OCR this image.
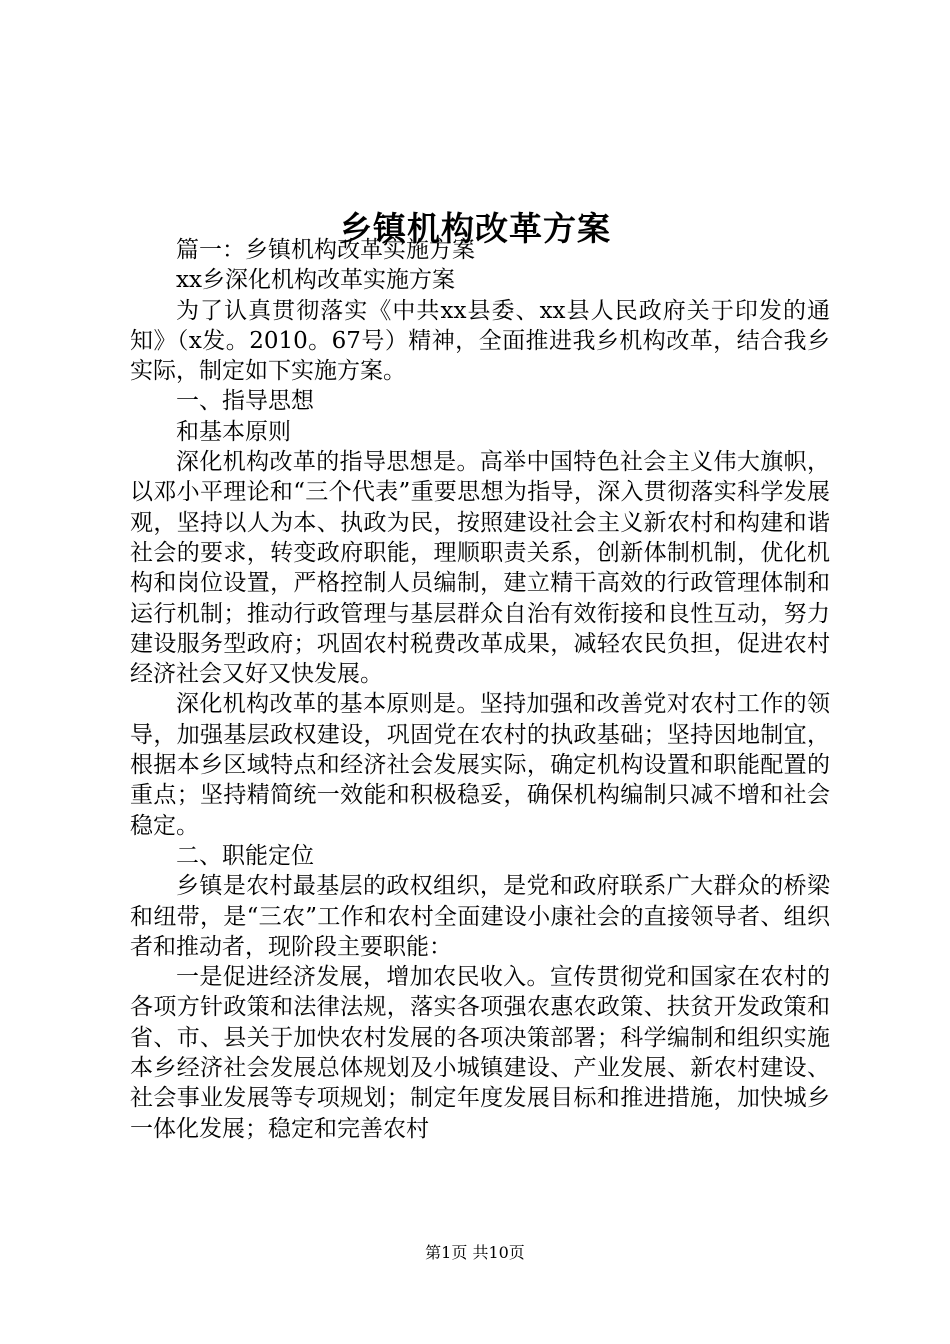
乡镇机构改革方案

篇一：乡镇机构改革实施方案

xx乡深化机构改革实施方案

为了认真贯彻落实《中共xx县委、xx县人民政府关于印发的通知》（x发。2010。67号）精神，全面推进我乡机构改革，结合我乡实际，制定如下实施方案。

一、指导思想

和基本原则

深化机构改革的指导思想是。高举中国特色社会主义伟大旗帜，以邓小平理论和“三个代表”重要思想为指导，深入贯彻落实科学发展观，坚持以人为本、执政为民，按照建设社会主义新农村和构建和谐社会的要求，转变政府职能，理顺职责关系，创新体制机制，优化机构和岗位设置，严格控制人员编制，建立精干高效的行政管理体制和运行机制；推动行政管理与基层群众自治有效衔接和良性互动，努力建设服务型政府；巩固农村税费改革成果，减轻农民负担，促进农村经济社会又好又快发展。

深化机构改革的基本原则是。坚持加强和改善党对农村工作的领导，加强基层政权建设，巩固党在农村的执政基础；坚持因地制宜，根据本乡区域特点和经济社会发展实际，确定机构设置和职能配置的重点；坚持精简统一效能和积极稳妥，确保机构编制只减不增和社会稳定。

二、职能定位

乡镇是农村最基层的政权组织，是党和政府联系广大群众的桥梁和纽带，是“三农”工作和农村全面建设小康社会的直接领导者、组织者和推动者，现阶段主要职能：

一是促进经济发展，增加农民收入。宣传贯彻党和国家在农村的各项方针政策和法律法规，落实各项强农惠农政策、扶贫开发政策和省、市、县关于加快农村发展的各项决策部署；科学编制和组织实施本乡经济社会发展总体规划及小城镇建设、产业发展、新农村建设、社会事业发展等专项规划；制定年度发展目标和推进措施，加快城乡一体化发展；稳定和完善农村

第1页 共10页
